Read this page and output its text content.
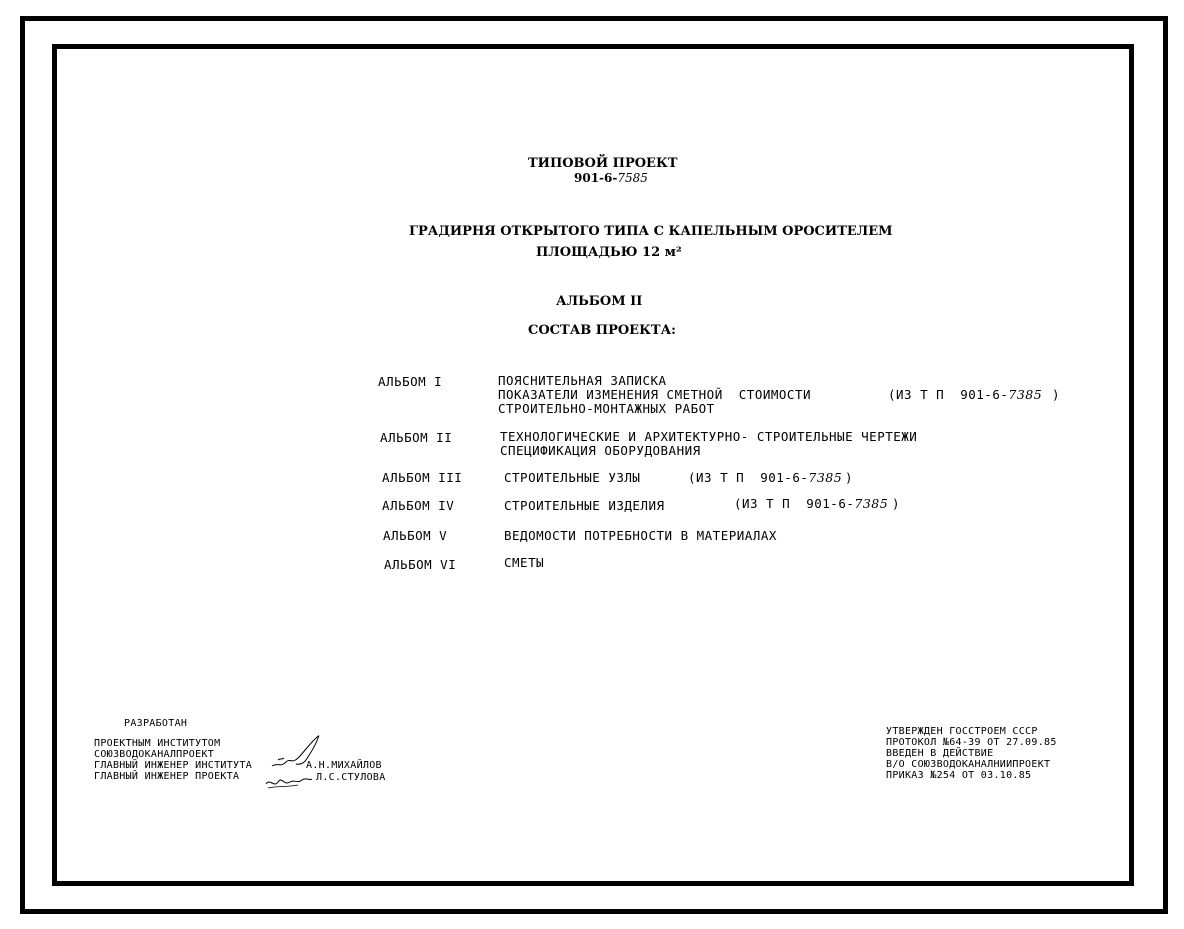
ТИПОВОЙ ПРОЕКТ
901-6-7585
ГРАДИРНЯ ОТКРЫТОГО ТИПА С КАПЕЛЬНЫМ ОРОСИТЕЛЕМ
ПЛОЩАДЬЮ 12 м²
АЛЬБОМ II
СОСТАВ ПРОЕКТА:
АЛЬБОМ I	ПОЯСНИТЕЛЬНАЯ ЗАПИСКА
ПОКАЗАТЕЛИ ИЗМЕНЕНИЯ СМЕТНОЙ  СТОИМОСТИ
СТРОИТЕЛЬНО-МОНТАЖНЫХ РАБОТ
(ИЗ Т П  901-6-7385 )
АЛЬБОМ II	ТЕХНОЛОГИЧЕСКИЕ И АРХИТЕКТУРНО- СТРОИТЕЛЬНЫЕ ЧЕРТЕЖИ
СПЕЦИФИКАЦИЯ ОБОРУДОВАНИЯ
АЛЬБОМ III	СТРОИТЕЛЬНЫЕ УЗЛЫ	(ИЗ Т П  901-6-7385 )
АЛЬБОМ IV	СТРОИТЕЛЬНЫЕ ИЗДЕЛИЯ	(ИЗ Т П  901-6-7385 )
АЛЬБОМ V	ВЕДОМОСТИ ПОТРЕБНОСТИ В МАТЕРИАЛАХ
АЛЬБОМ VI	СМЕТЫ
РАЗРАБОТАН
ПРОЕКТНЫМ ИНСТИТУТОМ
СОЮЗВОДОКАНАЛПРОЕКТ
ГЛАВНЫЙ ИНЖЕНЕР ИНСТИТУТА
ГЛАВНЫЙ ИНЖЕНЕР ПРОЕКТА
А.Н.МИХАЙЛОВ
Л.С.СТУЛОВА
УТВЕРЖДЕН ГОССТРОЕМ СССР
ПРОТОКОЛ №64-39 ОТ 27.09.85
ВВЕДЕН В ДЕЙСТВИЕ
В/О СОЮЗВОДОКАНАЛНИИПРОЕКТ
ПРИКАЗ №254 ОТ 03.10.85
